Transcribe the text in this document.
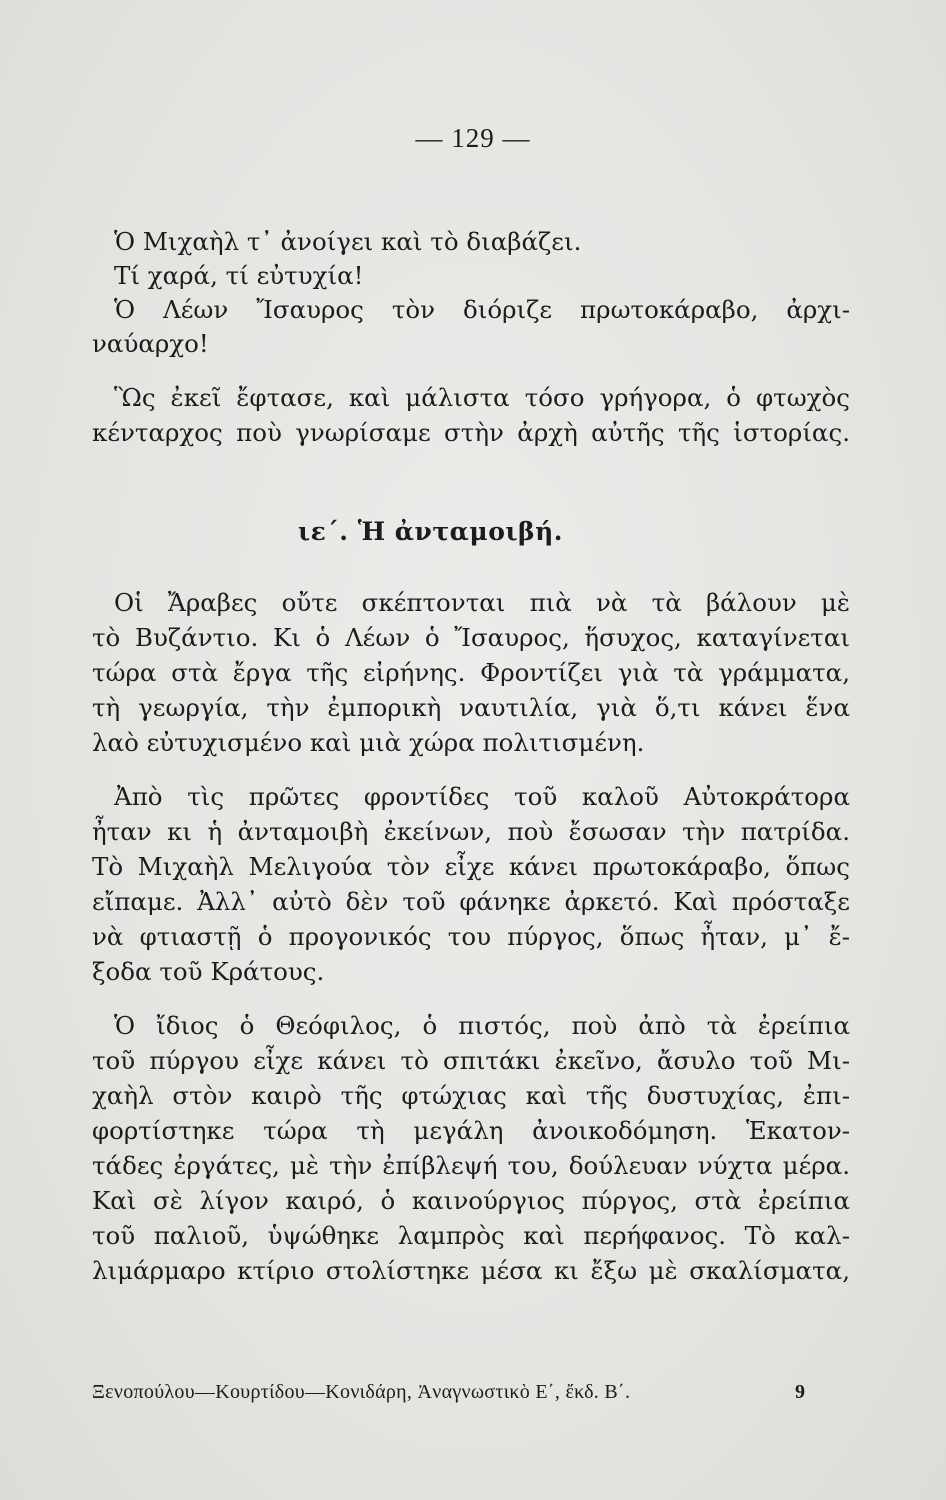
— 129 —
Ὁ Μιχαὴλ τ᾿ ἀνοίγει καὶ τὸ διαβάζει.
Τί χαρά, τί εὐτυχία!
Ὁ Λέων Ἴσαυρος τὸν διόριζε πρωτοκάραβο, ἀρχι-
ναύαρχο!
Ὣς ἐκεῖ ἔφτασε, καὶ μάλιστα τόσο γρήγορα, ὁ φτωχὸς
κένταρχος ποὺ γνωρίσαμε στὴν ἀρχὴ αὐτῆς τῆς ἱστορίας.
ιε΄. Ἡ ἀνταμοιβή.
Οἱ Ἄραβες οὔτε σκέπτονται πιὰ νὰ τὰ βάλουν μὲ
τὸ Βυζάντιο. Κι ὁ Λέων ὁ Ἴσαυρος, ἥσυχος, καταγίνεται
τώρα στὰ ἔργα τῆς εἰρήνης. Φροντίζει γιὰ τὰ γράμματα,
τὴ γεωργία, τὴν ἐμπορικὴ ναυτιλία, γιὰ ὅ,τι κάνει ἕνα
λαὸ εὐτυχισμένο καὶ μιὰ χώρα πολιτισμένη.
Ἀπὸ τὶς πρῶτες φροντίδες τοῦ καλοῦ Αὐτοκράτορα
ἦταν κι ἡ ἀνταμοιβὴ ἐκείνων, ποὺ ἔσωσαν τὴν πατρίδα.
Τὸ Μιχαὴλ Μελιγούα τὸν εἶχε κάνει πρωτοκάραβο, ὅπως
εἴπαμε. Ἀλλ᾿ αὐτὸ δὲν τοῦ φάνηκε ἀρκετό. Καὶ πρόσταξε
νὰ φτιαστῇ ὁ προγονικός του πύργος, ὅπως ἦταν, μ᾿ ἔ-
ξοδα τοῦ Κράτους.
Ὁ ἴδιος ὁ Θεόφιλος, ὁ πιστός, ποὺ ἀπὸ τὰ ἐρείπια
τοῦ πύργου εἶχε κάνει τὸ σπιτάκι ἐκεῖνο, ἄσυλο τοῦ Μι-
χαὴλ στὸν καιρὸ τῆς φτώχιας καὶ τῆς δυστυχίας, ἐπι-
φορτίστηκε τώρα τὴ μεγάλη ἀνοικοδόμηση. Ἑκατον-
τάδες ἐργάτες, μὲ τὴν ἐπίβλεψή του, δούλευαν νύχτα μέρα.
Καὶ σὲ λίγον καιρό, ὁ καινούργιος πύργος, στὰ ἐρείπια
τοῦ παλιοῦ, ὑψώθηκε λαμπρὸς καὶ περήφανος. Τὸ καλ-
λιμάρμαρο κτίριο στολίστηκε μέσα κι ἔξω μὲ σκαλίσματα,
Ξενοπούλου—Κουρτίδου—Κονιδάρη, Ἀναγνωστικὸ Ε΄, ἔκδ. Β΄.	9
